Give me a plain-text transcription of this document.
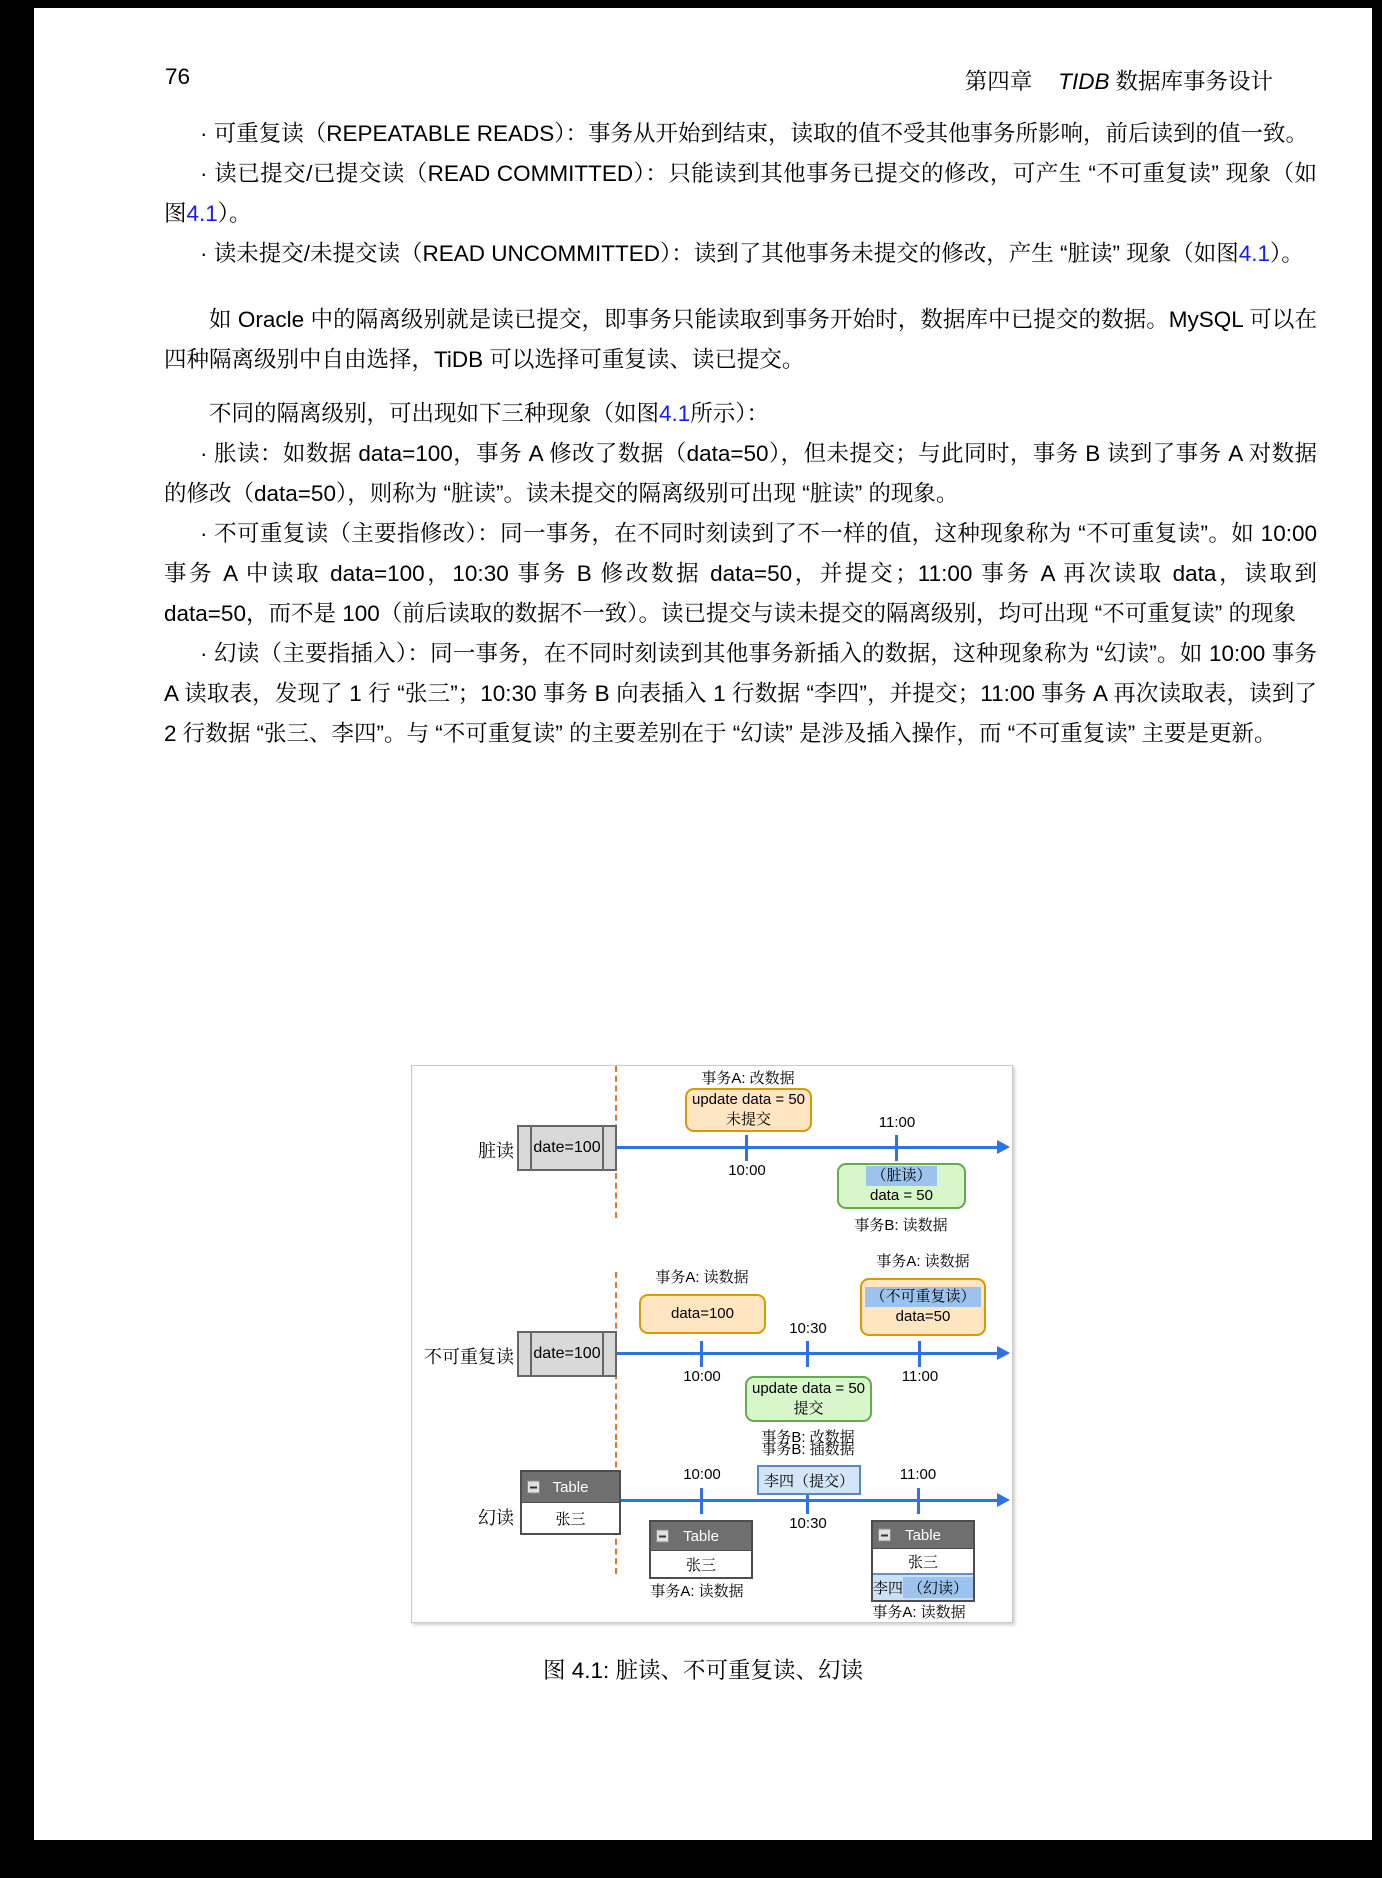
76	第四章 TIDB 数据库事务设计

· 可重复读（REPEATABLE READS）：事务从开始到结束，读取的值不受其他事务所影响，前后读到的值一致。

· 读已提交/已提交读（READ COMMITTED）：只能读到其他事务已提交的修改，可产生 “不可重复读” 现象（如图4.1）。

· 读未提交/未提交读（READ UNCOMMITTED）：读到了其他事务未提交的修改，产生 “脏读” 现象（如图4.1）。

如 Oracle 中的隔离级别就是读已提交，即事务只能读取到事务开始时，数据库中已提交的数据。MySQL 可以在四种隔离级别中自由选择，TiDB 可以选择可重复读、读已提交。

不同的隔离级别，可出现如下三种现象（如图4.1所示）：

· 胀读：如数据 data=100，事务 A 修改了数据（data=50），但未提交；与此同时，事务 B 读到了事务 A 对数据的修改（data=50），则称为 “脏读”。读未提交的隔离级别可出现 “脏读” 的现象。

· 不可重复读（主要指修改）：同一事务，在不同时刻读到了不一样的值，这种现象称为 “不可重复读”。如 10:00 事务 A 中读取 data=100，10:30 事务 B 修改数据 data=50，并提交；11:00 事务 A 再次读取 data，读取到 data=50，而不是 100（前后读取的数据不一致）。读已提交与读未提交的隔离级别，均可出现 “不可重复读” 的现象

· 幻读（主要指插入）：同一事务，在不同时刻读到其他事务新插入的数据，这种现象称为 “幻读”。如 10:00 事务 A 读取表，发现了 1 行 “张三”；10:30 事务 B 向表插入 1 行数据 “李四”，并提交；11:00 事务 A 再次读取表，读到了 2 行数据 “张三、李四”。与 “不可重复读” 的主要差别在于 “幻读” 是涉及插入操作，而 “不可重复读” 主要是更新。

脏读 date=100
10:00
11:00
事务A: 改数据
update data = 50
未提交
（脏读）
data = 50
事务B: 读数据
不可重复读 date=100
10:00
10:30
11:00
事务A: 读数据
data=100
事务A: 读数据
（不可重复读）
data=50
update data = 50
提交
事务B: 改数据
幻读
Table
张三
10:00
10:30
11:00
事务B: 插数据
李四（提交）
Table
张三
事务A: 读数据
Table
张三
李四 （幻读）
事务A: 读数据
图 4.1: 脏读、不可重复读、幻读
